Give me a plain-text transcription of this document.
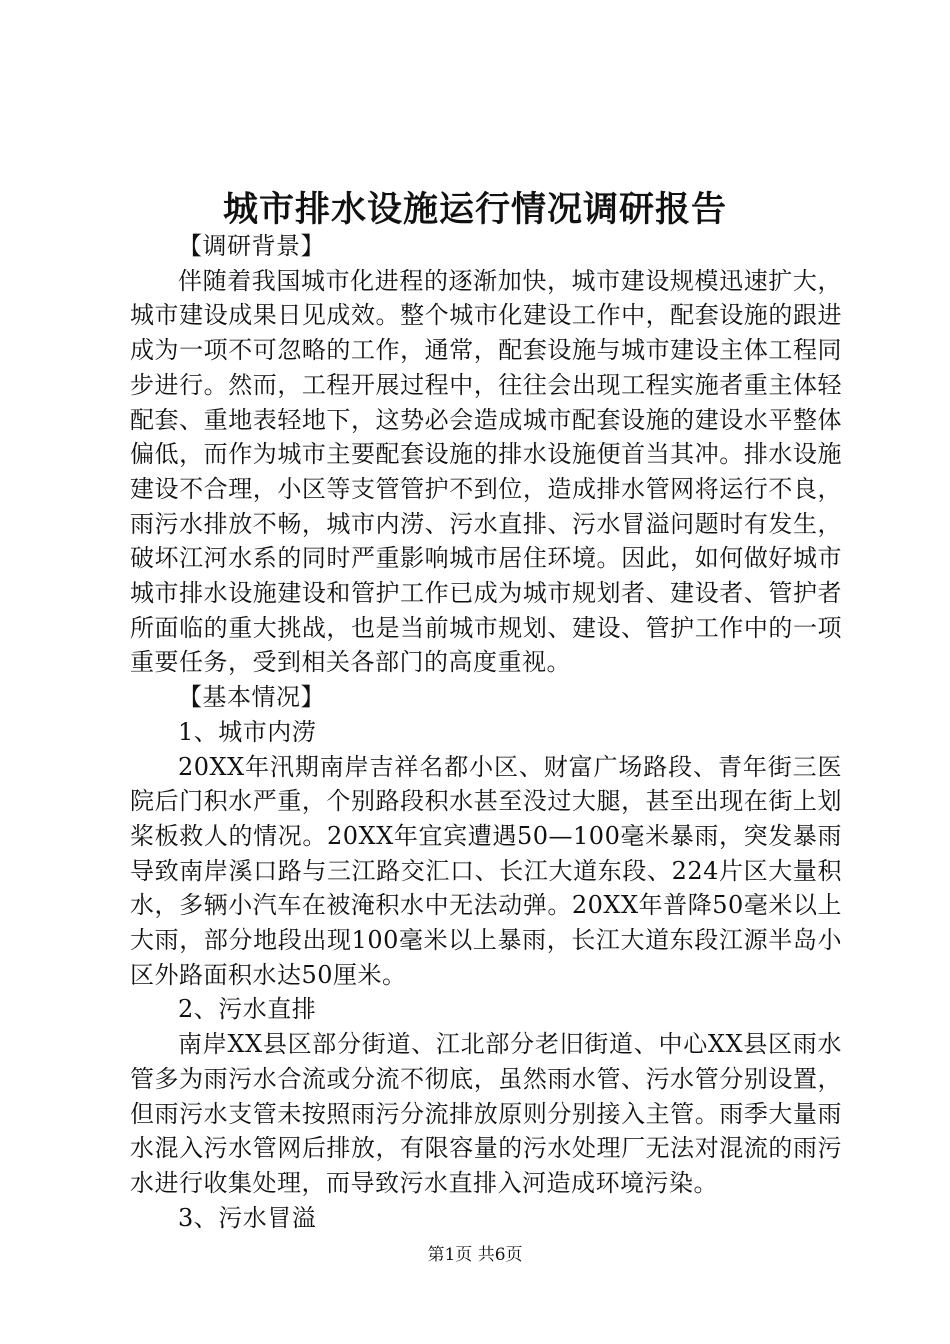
城市排水设施运行情况调研报告

【调研背景】

伴随着我国城市化进程的逐渐加快，城市建设规模迅速扩大，城市建设成果日见成效。整个城市化建设工作中，配套设施的跟进成为一项不可忽略的工作，通常，配套设施与城市建设主体工程同步进行。然而，工程开展过程中，往往会出现工程实施者重主体轻配套、重地表轻地下，这势必会造成城市配套设施的建设水平整体偏低，而作为城市主要配套设施的排水设施便首当其冲。排水设施建设不合理，小区等支管管护不到位，造成排水管网将运行不良，雨污水排放不畅，城市内涝、污水直排、污水冒溢问题时有发生，破坏江河水系的同时严重影响城市居住环境。因此，如何做好城市城市排水设施建设和管护工作已成为城市规划者、建设者、管护者所面临的重大挑战，也是当前城市规划、建设、管护工作中的一项重要任务，受到相关各部门的高度重视。

【基本情况】

1、城市内涝

20XX年汛期南岸吉祥名都小区、财富广场路段、青年街三医院后门积水严重，个别路段积水甚至没过大腿，甚至出现在街上划桨板救人的情况。20XX年宜宾遭遇50—100毫米暴雨，突发暴雨导致南岸溪口路与三江路交汇口、长江大道东段、224片区大量积水，多辆小汽车在被淹积水中无法动弹。20XX年普降50毫米以上大雨，部分地段出现100毫米以上暴雨，长江大道东段江源半岛小区外路面积水达50厘米。

2、污水直排

南岸XX县区部分街道、江北部分老旧街道、中心XX县区雨水管多为雨污水合流或分流不彻底，虽然雨水管、污水管分别设置，但雨污水支管未按照雨污分流排放原则分别接入主管。雨季大量雨水混入污水管网后排放，有限容量的污水处理厂无法对混流的雨污水进行收集处理，而导致污水直排入河造成环境污染。

3、污水冒溢

第1页 共6页
